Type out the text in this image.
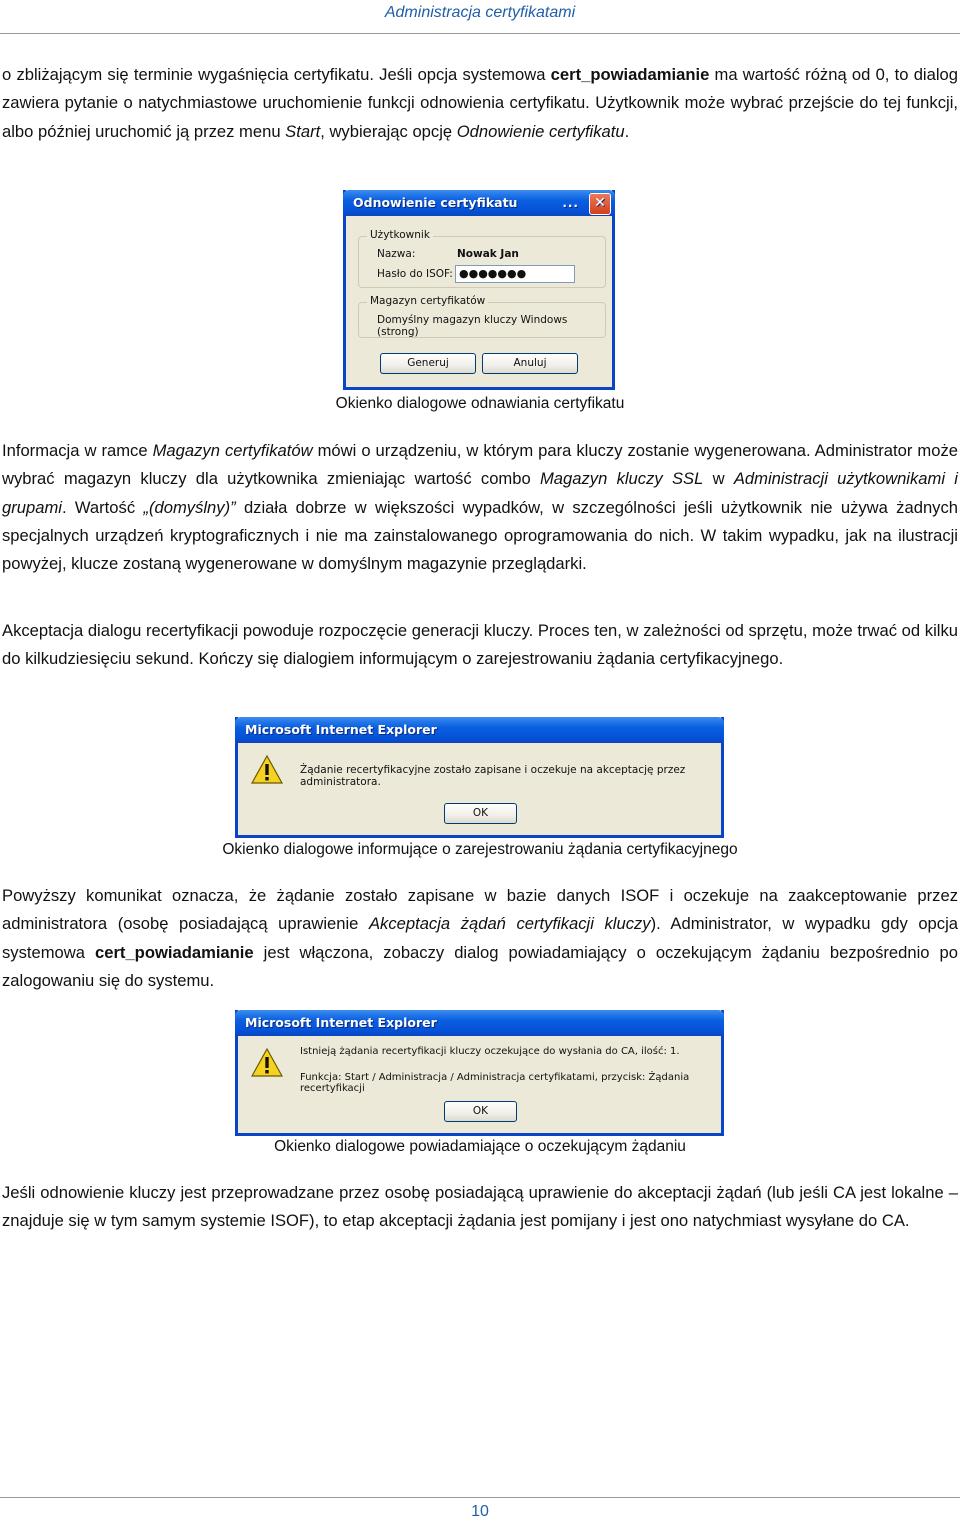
Administracja certyfikatami

o zbliżającym się terminie wygaśnięcia certyfikatu. Jeśli opcja systemowa cert_powiadamianie ma wartość różną od 0, to dialog zawiera pytanie o natychmiastowe uruchomienie funkcji odnowienia certyfikatu. Użytkownik może wybrać przejście do tej funkcji, albo później uruchomić ją przez menu Start, wybierając opcję Odnowienie certyfikatu.

Odnowienie certyfikatu	...	✕
Użytkownik
Nazwa:	Nowak Jan
Hasło do ISOF: ●●●●●●●
Magazyn certyfikatów
Domyślny magazyn kluczy Windows (strong)
Generuj	Anuluj
Okienko dialogowe odnawiania certyfikatu

Informacja w ramce Magazyn certyfikatów mówi o urządzeniu, w którym para kluczy zostanie wygenerowana. Administrator może wybrać magazyn kluczy dla użytkownika zmieniając wartość combo Magazyn kluczy SSL w Administracji użytkownikami i grupami. Wartość „(domyślny)” działa dobrze w większości wypadków, w szczególności jeśli użytkownik nie używa żadnych specjalnych urządzeń kryptograficznych i nie ma zainstalowanego oprogramowania do nich. W takim wypadku, jak na ilustracji powyżej, klucze zostaną wygenerowane w domyślnym magazynie przeglądarki.

Akceptacja dialogu recertyfikacji powoduje rozpoczęcie generacji kluczy. Proces ten, w zależności od sprzętu, może trwać od kilku do kilkudziesięciu sekund. Kończy się dialogiem informującym o zarejestrowaniu żądania certyfikacyjnego.

Microsoft Internet Explorer
Żądanie recertyfikacyjne zostało zapisane i oczekuje na akceptację przez administratora.
OK
Okienko dialogowe informujące o zarejestrowaniu żądania certyfikacyjnego

Powyższy komunikat oznacza, że żądanie zostało zapisane w bazie danych ISOF i oczekuje na zaakceptowanie przez administratora (osobę posiadającą uprawienie Akceptacja żądań certyfikacji kluczy). Administrator, w wypadku gdy opcja systemowa cert_powiadamianie jest włączona, zobaczy dialog powiadamiający o oczekującym żądaniu bezpośrednio po zalogowaniu się do systemu.

Microsoft Internet Explorer
Istnieją żądania recertyfikacji kluczy oczekujące do wysłania do CA, ilość: 1.
Funkcja: Start / Administracja / Administracja certyfikatami, przycisk: Żądania recertyfikacji
OK
Okienko dialogowe powiadamiające o oczekującym żądaniu

Jeśli odnowienie kluczy jest przeprowadzane przez osobę posiadającą uprawienie do akceptacji żądań (lub jeśli CA jest lokalne – znajduje się w tym samym systemie ISOF), to etap akceptacji żądania jest pomijany i jest ono natychmiast wysyłane do CA.

10
